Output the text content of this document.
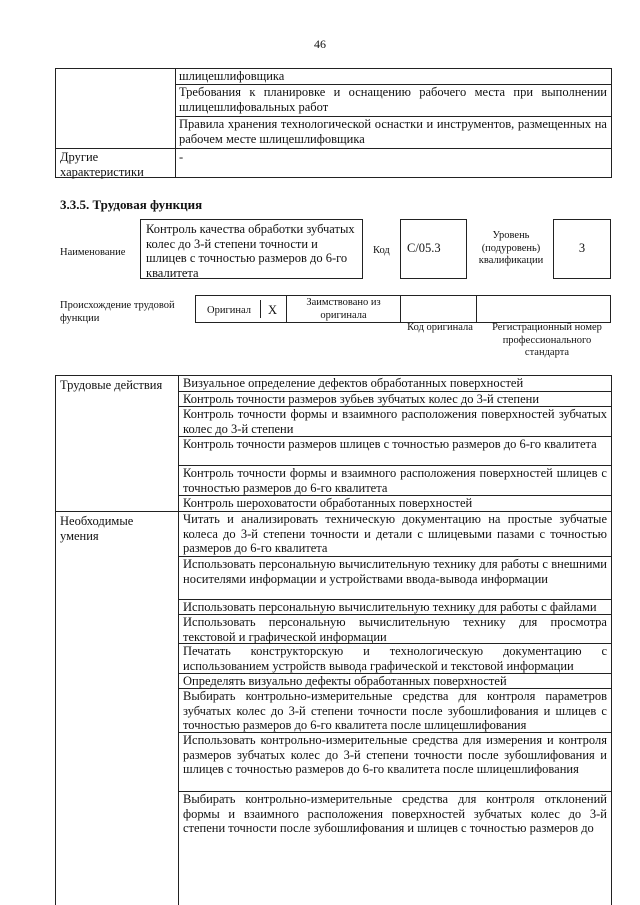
46
шлицешлифовщика
Требования к планировке и оснащению рабочего места при выполнении шлицешлифовальных работ
Правила хранения технологической оснастки и инструментов, размещенных на рабочем месте шлицешлифовщика
Другие характеристики
-
3.3.5. Трудовая функция
Наименование
Контроль качества обработки зубчатых колес до 3-й степени точности и шлицев с точностью размеров до 6-го квалитета
Код C/05.3
Уровень (подуровень) квалификации
3
Происхождение трудовой функции
Оригинал X
Заимствовано из оригинала
Код оригинала	Регистрационный номер профессионального стандарта
Трудовые действия
Необходимые умения
Визуальное определение дефектов обработанных поверхностей
Контроль точности размеров зубьев зубчатых колес до 3-й степени
Контроль точности формы и взаимного расположения поверхностей зубчатых колес до 3-й степени
Контроль точности размеров шлицев с точностью размеров до 6-го квалитета
Контроль точности формы и взаимного расположения поверхностей шлицев с точностью размеров до 6-го квалитета
Контроль шероховатости обработанных поверхностей
Читать и анализировать техническую документацию на простые зубчатые колеса до 3-й степени точности и детали с шлицевыми пазами с точностью размеров до 6-го квалитета
Использовать персональную вычислительную технику для работы с внешними носителями информации и устройствами ввода-вывода информации
Использовать персональную вычислительную технику для работы с файлами
Использовать персональную вычислительную технику для просмотра текстовой и графической информации
Печатать конструкторскую и технологическую документацию с использованием устройств вывода графической и текстовой информации
Определять визуально дефекты обработанных поверхностей
Выбирать контрольно-измерительные средства для контроля параметров зубчатых колес до 3-й степени точности после зубошлифования и шлицев с точностью размеров до 6-го квалитета после шлицешлифования
Использовать контрольно-измерительные средства для измерения и контроля размеров зубчатых колес до 3-й степени точности после зубошлифования и шлицев с точностью размеров до 6-го квалитета после шлицешлифования
Выбирать контрольно-измерительные средства для контроля отклонений формы и взаимного расположения поверхностей зубчатых колес до 3-й степени точности после зубошлифования и шлицев с точностью размеров до
